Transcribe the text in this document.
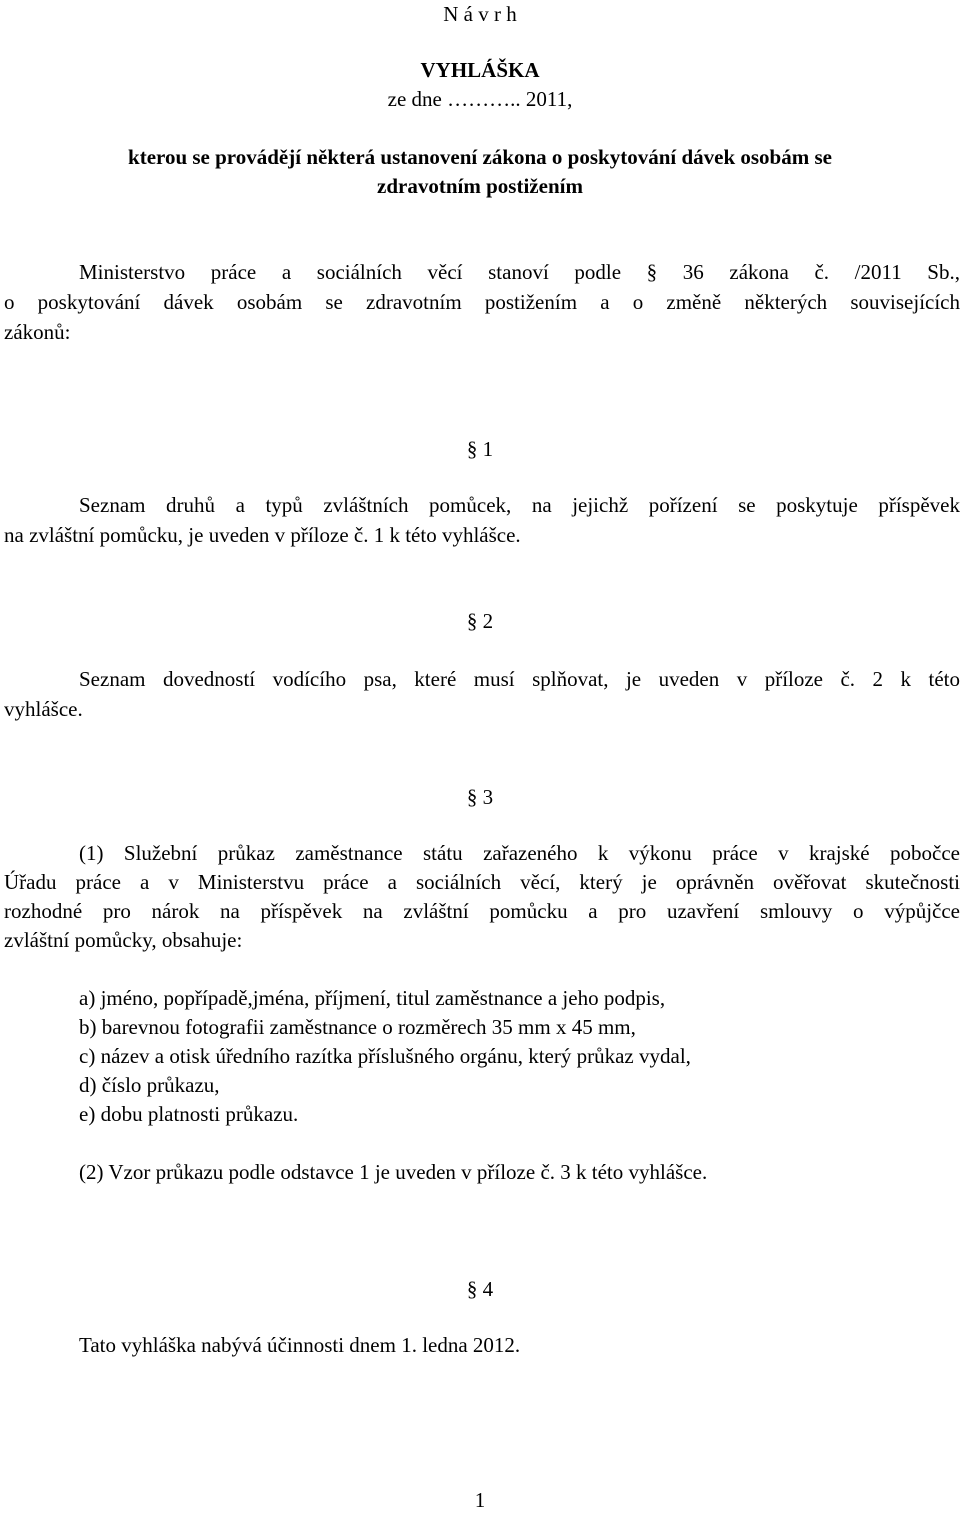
N á v r h
VYHLÁŠKA
ze dne ……….. 2011,
kterou se provádějí některá ustanovení zákona o poskytování dávek osobám se
zdravotním postižením
Ministerstvo práce a sociálních věcí stanoví podle § 36 zákona č. /2011 Sb.,
o poskytování dávek osobám se zdravotním postižením a o změně některých souvisejících
zákonů:
§ 1
Seznam druhů a typů zvláštních pomůcek, na jejichž pořízení se poskytuje příspěvek
na zvláštní pomůcku, je uveden v příloze č. 1 k této vyhlášce.
§ 2
Seznam dovedností vodícího psa, které musí splňovat, je uveden v příloze č. 2 k této
vyhlášce.
§ 3
(1) Služební průkaz zaměstnance státu zařazeného k výkonu práce v krajské pobočce
Úřadu práce a v Ministerstvu práce a sociálních věcí, který je oprávněn ověřovat skutečnosti
rozhodné pro nárok na příspěvek na zvláštní pomůcku a pro uzavření smlouvy o výpůjčce
zvláštní pomůcky, obsahuje:
a) jméno, popřípadě,jména, příjmení, titul zaměstnance a jeho podpis,
b) barevnou fotografii zaměstnance o rozměrech 35 mm x 45 mm,
c) název a otisk úředního razítka příslušného orgánu, který průkaz vydal,
d) číslo průkazu,
e) dobu platnosti průkazu.
(2) Vzor průkazu podle odstavce 1 je uveden v příloze č. 3 k této vyhlášce.
§ 4
Tato vyhláška nabývá účinnosti dnem 1. ledna 2012.
1
